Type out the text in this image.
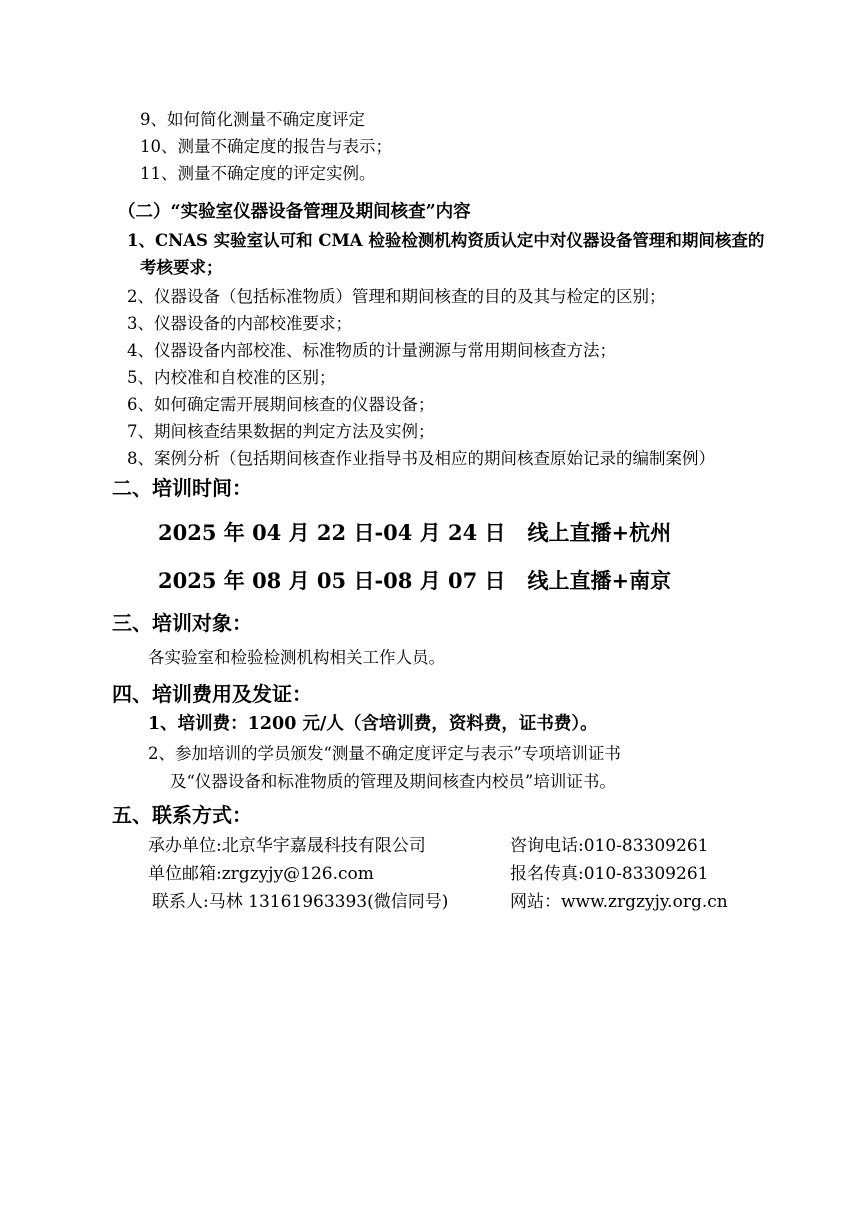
9、如何简化测量不确定度评定
10、测量不确定度的报告与表示；
11、测量不确定度的评定实例。
（二）“实验室仪器设备管理及期间核查”内容
1、CNAS 实验室认可和 CMA 检验检测机构资质认定中对仪器设备管理和期间核查的
考核要求；
2、仪器设备（包括标准物质）管理和期间核查的目的及其与检定的区别；
3、仪器设备的内部校准要求；
4、仪器设备内部校准、标准物质的计量溯源与常用期间核查方法；
5、内校准和自校准的区别；
6、如何确定需开展期间核查的仪器设备；
7、期间核查结果数据的判定方法及实例；
8、案例分析（包括期间核查作业指导书及相应的期间核查原始记录的编制案例）
二、培训时间：
2025 年 04 月 22 日-04 月 24 日   线上直播+杭州
2025 年 08 月 05 日-08 月 07 日   线上直播+南京
三、培训对象：
各实验室和检验检测机构相关工作人员。
四、培训费用及发证：
1、培训费：1200 元/人（含培训费，资料费，证书费）。
2、参加培训的学员颁发“测量不确定度评定与表示”专项培训证书
及“仪器设备和标准物质的管理及期间核查内校员”培训证书。
五、联系方式：
承办单位:北京华宇嘉晟科技有限公司	咨询电话:010-83309261
单位邮箱:zrgzyjy@126.com	报名传真:010-83309261
联系人:马林 13161963393(微信同号)	网站：www.zrgzyjy.org.cn
